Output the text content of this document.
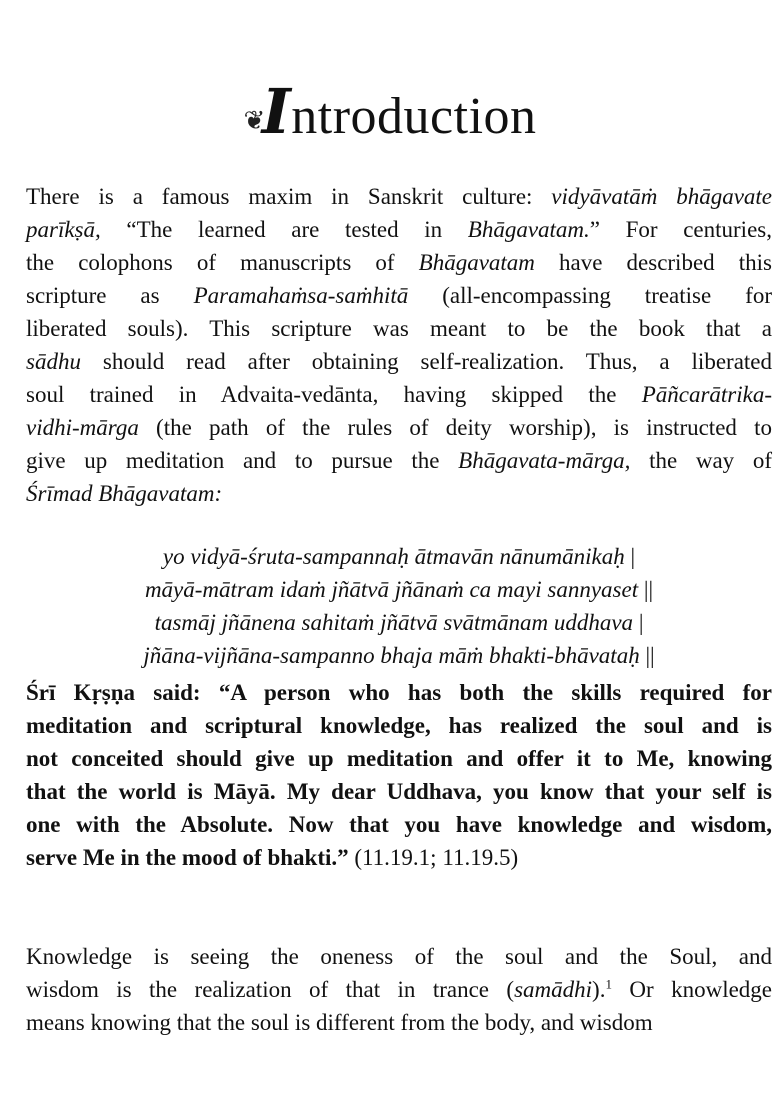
❦Introduction
There is a famous maxim in Sanskrit culture: vidyāvatāṁ bhāgavate
parīkṣā, “The learned are tested in Bhāgavatam.” For centuries,
the colophons of manuscripts of Bhāgavatam have described this
scripture as Paramahaṁsa-saṁhitā (all-encompassing treatise for
liberated souls). This scripture was meant to be the book that a
sādhu should read after obtaining self-realization. Thus, a liberated
soul trained in Advaita-vedānta, having skipped the Pāñcarātrika-
vidhi-mārga (the path of the rules of deity worship), is instructed to
give up meditation and to pursue the Bhāgavata-mārga, the way of
Śrīmad Bhāgavatam:
yo vidyā-śruta-sampannaḥ ātmavān nānumānikaḥ |
māyā-mātram idaṁ jñātvā jñānaṁ ca mayi sannyaset ||
tasmāj jñānena sahitaṁ jñātvā svātmānam uddhava |
jñāna-vijñāna-sampanno bhaja māṁ bhakti-bhāvataḥ ||
Śrī Kṛṣṇa said: “A person who has both the skills required for
meditation and scriptural knowledge, has realized the soul and is
not conceited should give up meditation and offer it to Me, knowing
that the world is Māyā. My dear Uddhava, you know that your self is
one with the Absolute. Now that you have knowledge and wisdom,
serve Me in the mood of bhakti.” (11.19.1; 11.19.5)
Knowledge is seeing the oneness of the soul and the Soul, and
wisdom is the realization of that in trance (samādhi).$^1$ Or knowledge
means knowing that the soul is different from the body, and wisdom
